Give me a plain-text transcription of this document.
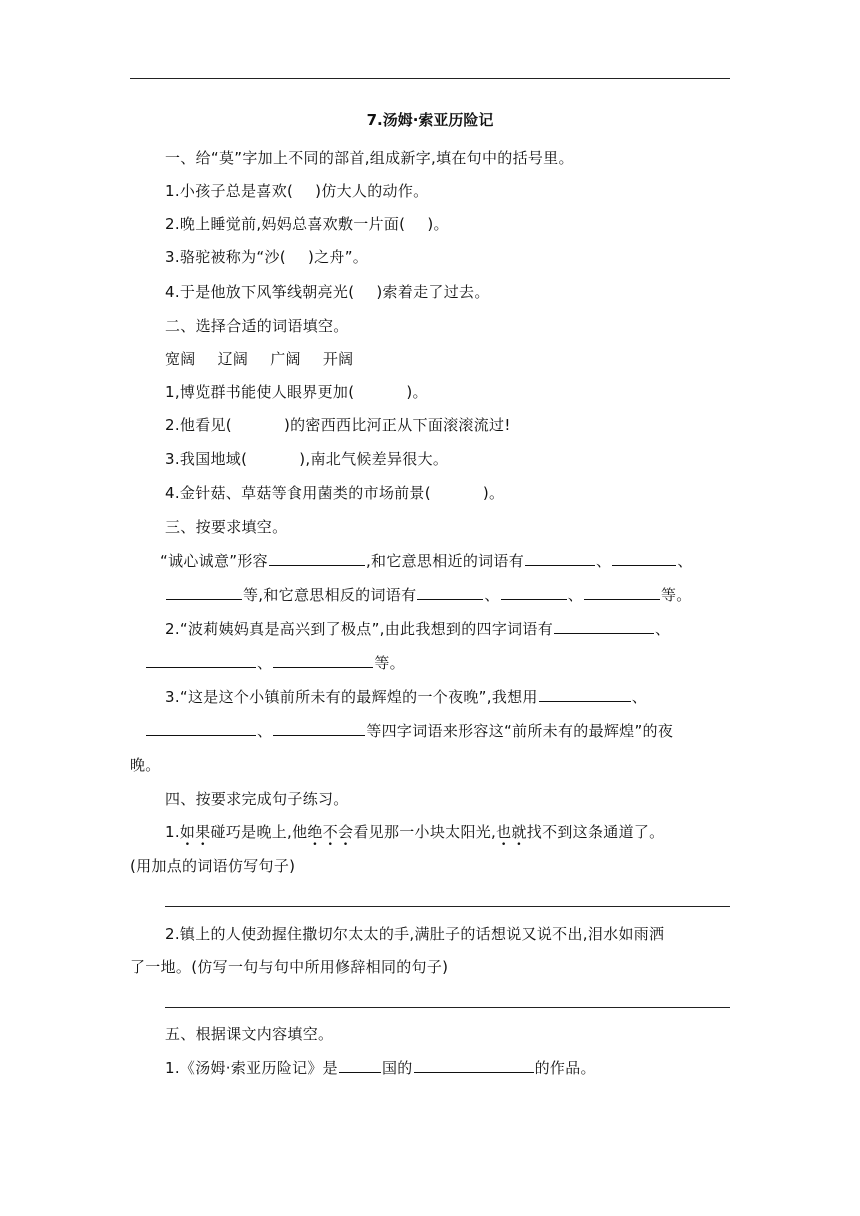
7.汤姆·索亚历险记
一、给“莫”字加上不同的部首,组成新字,填在句中的括号里。
1.小孩子总是喜欢( )仿大人的动作。
2.晚上睡觉前,妈妈总喜欢敷一片面( )。
3.骆驼被称为“沙( )之舟”。
4.于是他放下风筝线朝亮光( )索着走了过去。
二、选择合适的词语填空。
宽阔 辽阔 广阔 开阔
1,博览群书能使人眼界更加(	)。
2.他看见(	)的密西西比河正从下面滚滚流过!
3.我国地域(	),南北气候差异很大。
4.金针菇、草菇等食用菌类的市场前景(	)。
三、按要求填空。
“诚心诚意”形容	,和它意思相近的词语有	、	、
等,和它意思相反的词语有	、	、	等。
2.“波莉姨妈真是高兴到了极点”,由此我想到的四字词语有	、
、	等。
3.“这是这个小镇前所未有的最辉煌的一个夜晚”,我想用	、
、	等四字词语来形容这“前所未有的最辉煌”的夜
晚。
四、按要求完成句子练习。
1.如果碰巧是晚上,他绝不会看见那一小块太阳光,也就找不到这条通道了。
(用加点的词语仿写句子)
2.镇上的人使劲握住撒切尔太太的手,满肚子的话想说又说不出,泪水如雨洒
了一地。(仿写一句与句中所用修辞相同的句子)
五、根据课文内容填空。
1.《汤姆·索亚历险记》是	国的	的作品。
